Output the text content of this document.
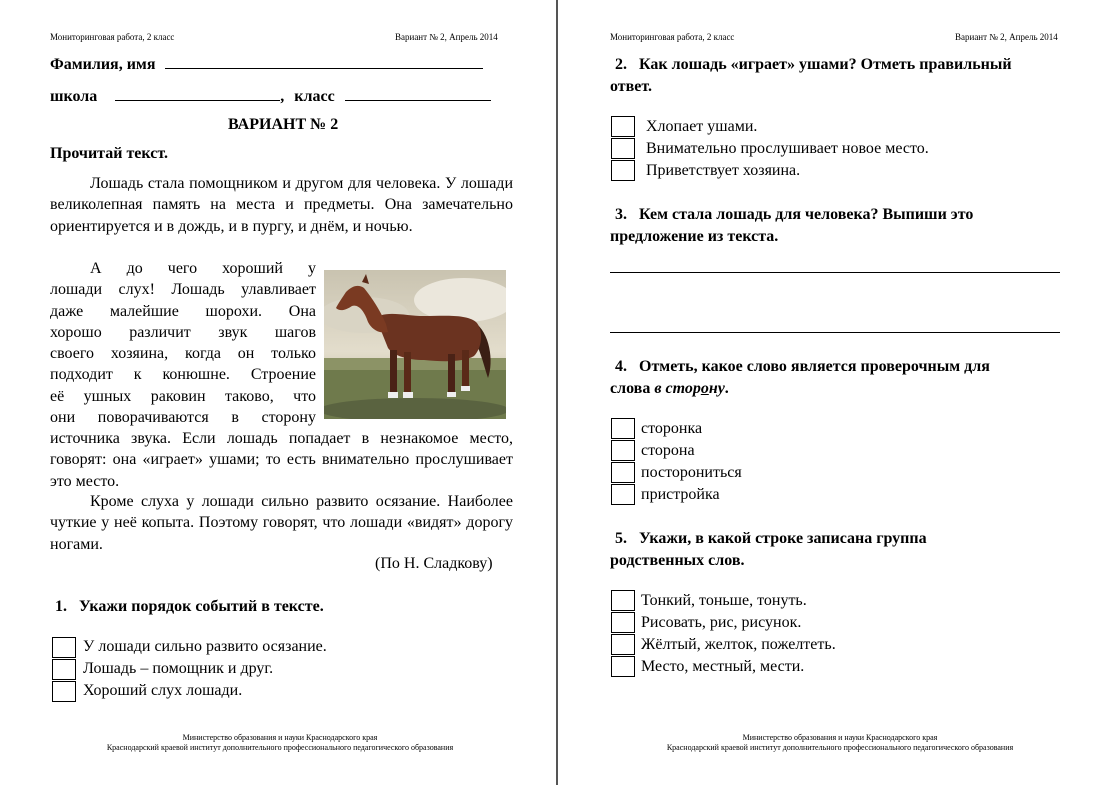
Мониторинговая работа, 2 класс	Вариант № 2, Апрель 2014
Фамилия, имя
школа	, класс
ВАРИАНТ № 2
Прочитай текст.

Лошадь стала помощником и другом для человека. У лошади великолепная память на места и предметы. Она замечательно ориентируется и в дождь, и в пургу, и днём, и ночью.

А до чего хороший у
лошади слух! Лошадь улавливает
даже малейшие шорохи. Она
хорошо различит звук шагов
своего хозяина, когда он только
подходит к конюшне. Строение
её ушных раковин таково, что
они поворачиваются в сторону

источника звука. Если лошадь попадает в незнакомое место, говорят: она «играет» ушами; то есть внимательно прослушивает это место.

Кроме слуха у лошади сильно развито осязание. Наиболее чуткие у неё копыта. Поэтому говорят, что лошади «видят» дорогу ногами.

(По Н. Сладкову)
1. Укажи порядок событий в тексте.
У лошади сильно развито осязание.
Лошадь – помощник и друг.
Хороший слух лошади.
Министерство образования и науки Краснодарского края
Краснодарский краевой институт дополнительного профессионального педагогического образования
Мониторинговая работа, 2 класс	Вариант № 2, Апрель 2014
2. Как лошадь «играет» ушами? Отметь правильный
ответ.
Хлопает ушами.
Внимательно прослушивает новое место.
Приветствует хозяина.
3. Кем стала лошадь для человека? Выпиши это
предложение из текста.
4. Отметь, какое слово является проверочным для
слова в сторону.
сторонка
сторона
посторониться
пристройка
5. Укажи, в какой строке записана группа
родственных слов.
Тонкий, тоньше, тонуть.
Рисовать, рис, рисунок.
Жёлтый, желток, пожелтеть.
Место, местный, мести.
Министерство образования и науки Краснодарского края
Краснодарский краевой институт дополнительного профессионального педагогического образования
